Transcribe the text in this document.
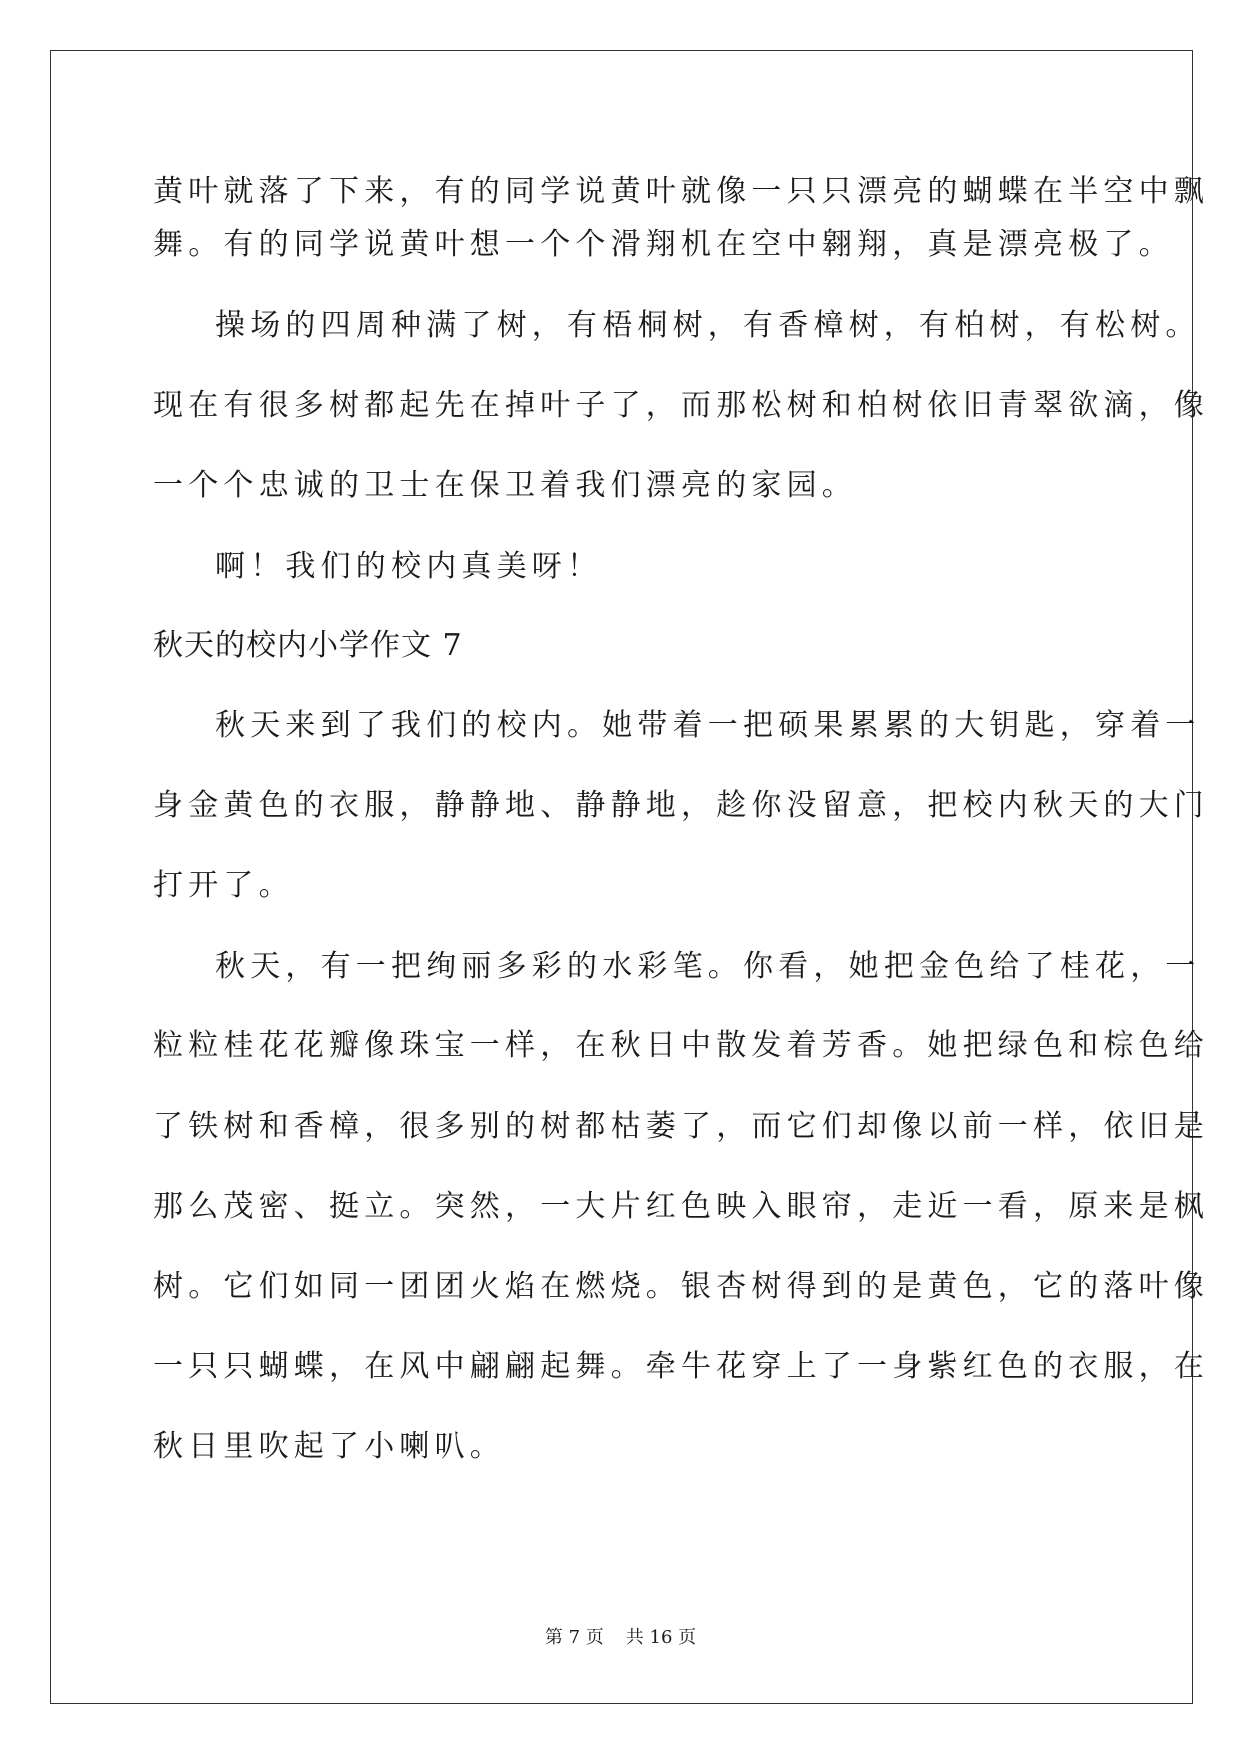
黄叶就落了下来，有的同学说黄叶就像一只只漂亮的蝴蝶在半空中飘
舞。有的同学说黄叶想一个个滑翔机在空中翱翔，真是漂亮极了。
操场的四周种满了树，有梧桐树，有香樟树，有柏树，有松树。
现在有很多树都起先在掉叶子了，而那松树和柏树依旧青翠欲滴，像
一个个忠诚的卫士在保卫着我们漂亮的家园。
啊！我们的校内真美呀！
秋天的校内小学作文 7
秋天来到了我们的校内。她带着一把硕果累累的大钥匙，穿着一
身金黄色的衣服，静静地、静静地，趁你没留意，把校内秋天的大门
打开了。
秋天，有一把绚丽多彩的水彩笔。你看，她把金色给了桂花，一
粒粒桂花花瓣像珠宝一样，在秋日中散发着芳香。她把绿色和棕色给
了铁树和香樟，很多别的树都枯萎了，而它们却像以前一样，依旧是
那么茂密、挺立。突然，一大片红色映入眼帘，走近一看，原来是枫
树。它们如同一团团火焰在燃烧。银杏树得到的是黄色，它的落叶像
一只只蝴蝶，在风中翩翩起舞。牵牛花穿上了一身紫红色的衣服，在
秋日里吹起了小喇叭。
第 7 页 共 16 页
